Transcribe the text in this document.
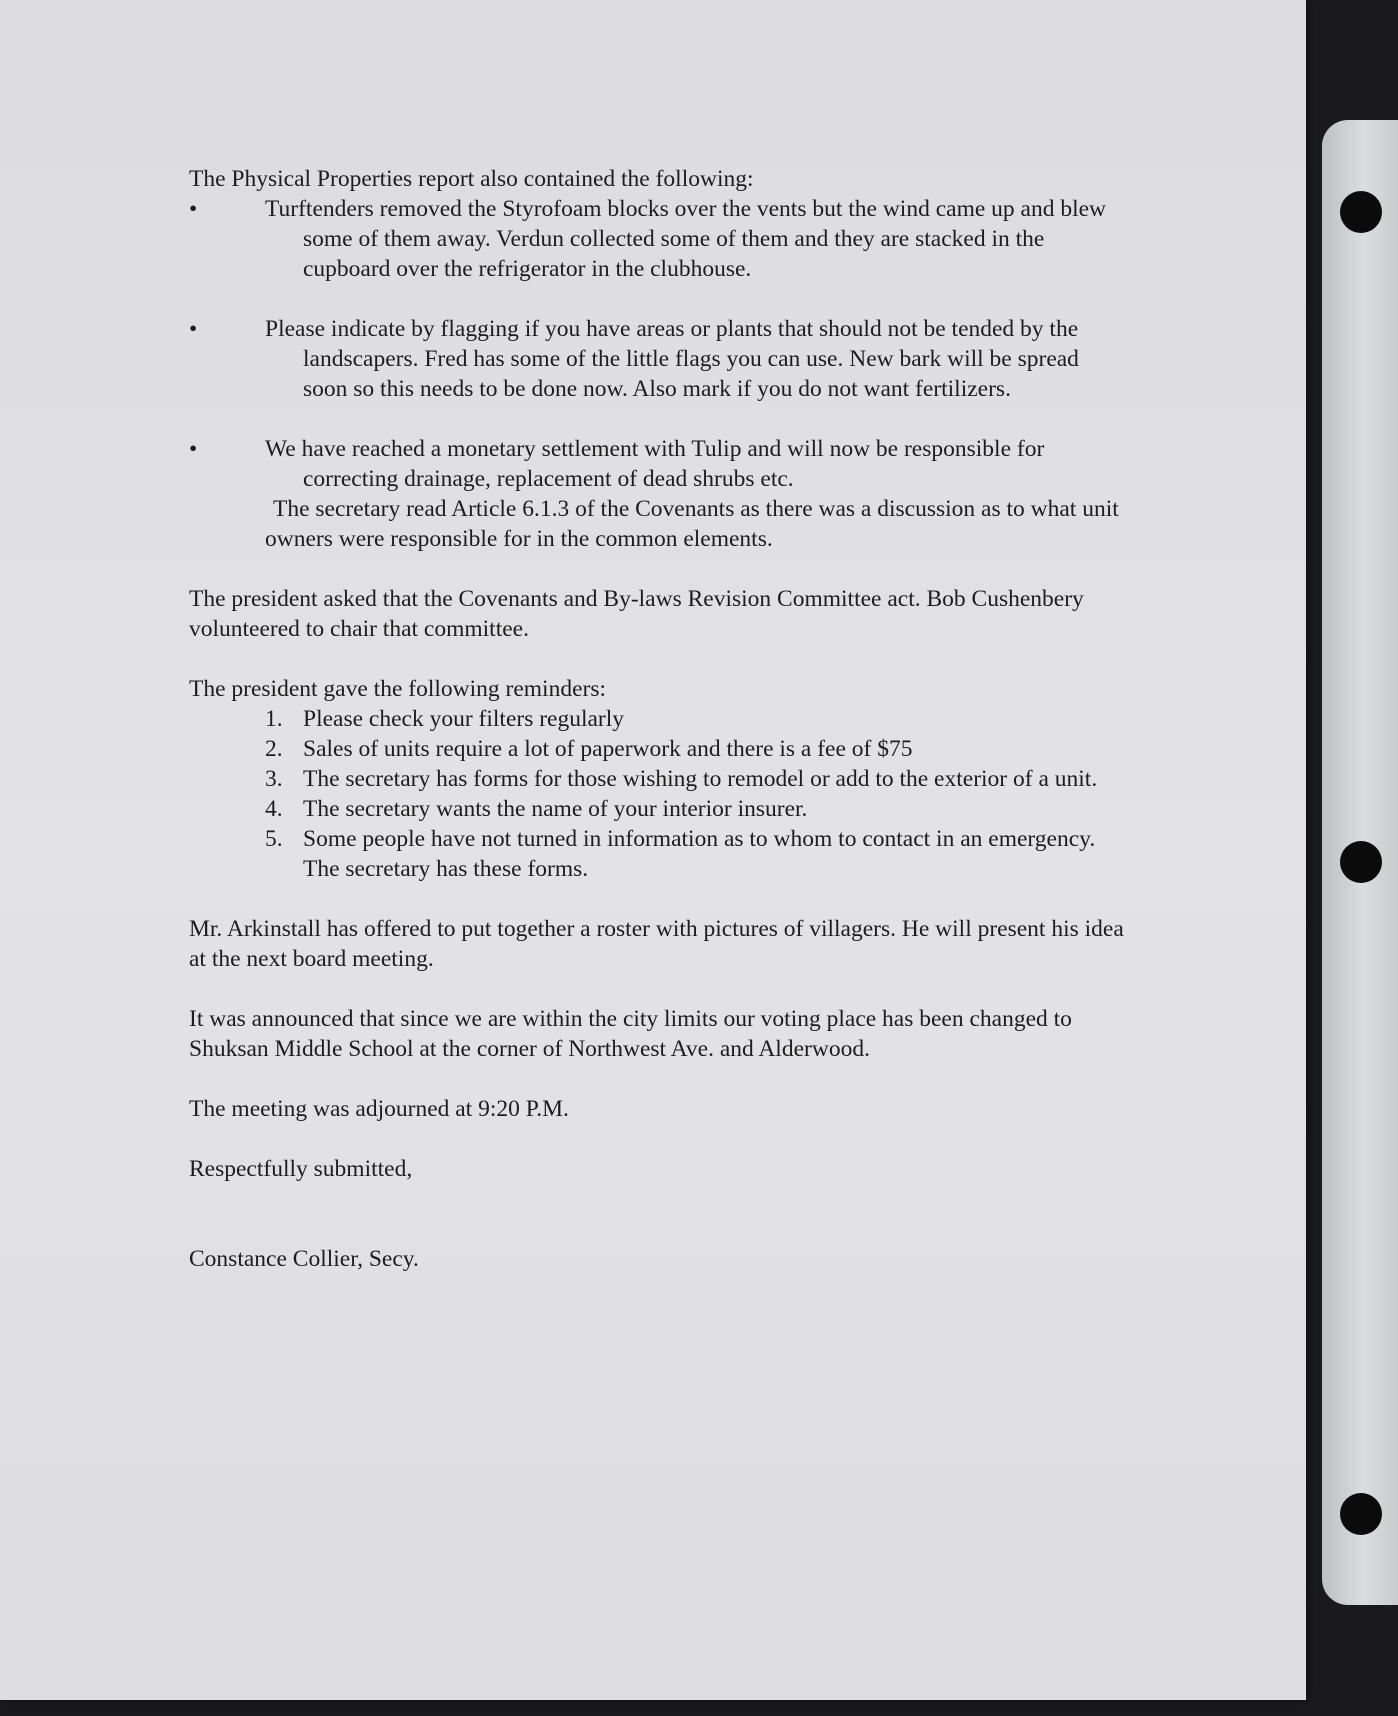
The Physical Properties report also contained the following:

•	Turftenders removed the Styrofoam blocks over the vents but the wind came up and blew some of them away. Verdun collected some of them and they are stacked in the cupboard over the refrigerator in the clubhouse.
•	Please indicate by flagging if you have areas or plants that should not be tended by the landscapers. Fred has some of the little flags you can use. New bark will be spread soon so this needs to be done now. Also mark if you do not want fertilizers.
•	We have reached a monetary settlement with Tulip and will now be responsible for correcting drainage, replacement of dead shrubs etc.
The secretary read Article 6.1.3 of the Covenants as there was a discussion as to what unit owners were responsible for in the common elements.

The president asked that the Covenants and By-laws Revision Committee act. Bob Cushenbery volunteered to chair that committee.

The president gave the following reminders:

1. Please check your filters regularly
2. Sales of units require a lot of paperwork and there is a fee of $75
3. The secretary has forms for those wishing to remodel or add to the exterior of a unit.
4. The secretary wants the name of your interior insurer.
5. Some people have not turned in information as to whom to contact in an emergency. The secretary has these forms.

Mr. Arkinstall has offered to put together a roster with pictures of villagers. He will present his idea at the next board meeting.

It was announced that since we are within the city limits our voting place has been changed to Shuksan Middle School at the corner of Northwest Ave. and Alderwood.

The meeting was adjourned at 9:20 P.M.

Respectfully submitted,

Constance Collier, Secy.
